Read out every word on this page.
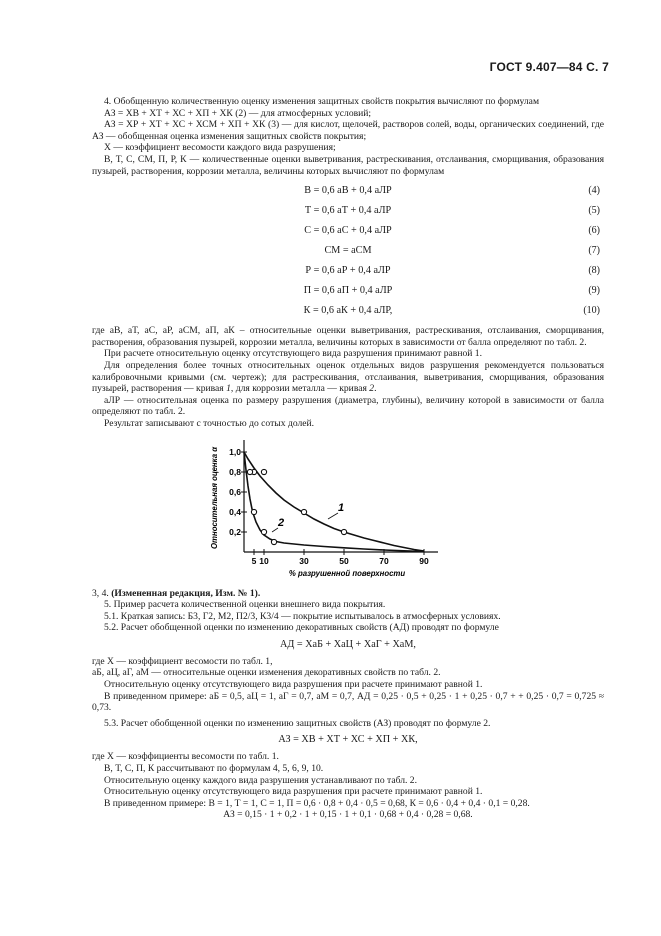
ГОСТ 9.407—84 С. 7

4. Обобщенную количественную оценку изменения защитных свойств покрытия вычисляют по формулам

АЗ = ХВ + ХТ + ХС + ХП + ХК (2) — для атмосферных условий;

АЗ = ХР + ХТ + ХС + ХСМ + ХП + ХК (3) — для кислот, щелочей, растворов солей, воды, органических соединений, где АЗ — обобщенная оценка изменения защитных свойств покрытия;

Х — коэффициент весомости каждого вида разрушения;

В, Т, С, СМ, П, Р, К — количественные оценки выветривания, растрескивания, отслаивания, сморщивания, образования пузырей, растворения, коррозии металла, величины которых вычисляют по формулам

В = 0,6 аВ + 0,4 аЛР	(4)
Т = 0,6 аТ + 0,4 аЛР	(5)
С = 0,6 аС + 0,4 аЛР	(6)
СМ = аСМ	(7)
Р = 0,6 аР + 0,4 аЛР	(8)
П = 0,6 аП + 0,4 аЛР	(9)
К = 0,6 аК + 0,4 аЛР,	(10)

где аВ, аТ, аС, аР, аСМ, аП, аК – относительные оценки выветривания, растрескивания, отслаивания, сморщивания, растворения, образования пузырей, коррозии металла, величины которых в зависимости от балла определяют по табл. 2.

При расчете относительную оценку отсутствующего вида разрушения принимают равной 1.

Для определения более точных относительных оценок отдельных видов разрушения рекомендуется пользоваться калибровочными кривыми (см. чертеж); для растрескивания, отслаивания, выветривания, сморщивания, образования пузырей, растворения — кривая 1, для коррозии металла — кривая 2.

аЛР — относительная оценка по размеру разрушения (диаметра, глубины), величину которой в зависимости от балла определяют по табл. 2.

Результат записывают с точностью до сотых долей.

0,2
0,4
0,6
0,8
1,0
5 10	30	50	70	90
% разрушенной поверхности
Относительная оценка α	1
2

3, 4. (Измененная редакция, Изм. № 1).

5. Пример расчета количественной оценки внешнего вида покрытия.

5.1. Краткая запись: Б3, Г2, М2, П2/3, К3/4 — покрытие испытывалось в атмосферных условиях.

5.2. Расчет обобщенной оценки по изменению декоративных свойств (АД) проводят по формуле

АД = ХаБ + ХаЦ + ХаГ + ХаМ,

где Х — коэффициент весомости по табл. 1,

аБ, аЦ, аГ, аМ — относительные оценки изменения декоративных свойств по табл. 2.

Относительную оценку отсутствующего вида разрушения при расчете принимают равной 1.

В приведенном примере: аБ = 0,5, аЦ = 1, аГ = 0,7, аМ = 0,7, АД = 0,25 · 0,5 + 0,25 · 1 + 0,25 · 0,7 + + 0,25 · 0,7 = 0,725 ≈ 0,73.

5.3. Расчет обобщенной оценки по изменению защитных свойств (АЗ) проводят по формуле 2.

АЗ = ХВ + ХТ + ХС + ХП + ХК,

где Х — коэффициенты весомости по табл. 1.

В, Т, С, П, К рассчитывают по формулам 4, 5, 6, 9, 10.

Относительную оценку каждого вида разрушения устанавливают по табл. 2.

Относительную оценку отсутствующего вида разрушения при расчете принимают равной 1.

В приведенном примере: В = 1, Т = 1, С = 1, П = 0,6 · 0,8 + 0,4 · 0,5 = 0,68, К = 0,6 · 0,4 + 0,4 · 0,1 = 0,28.

АЗ = 0,15 · 1 + 0,2 · 1 + 0,15 · 1 + 0,1 · 0,68 + 0,4 · 0,28 = 0,68.
